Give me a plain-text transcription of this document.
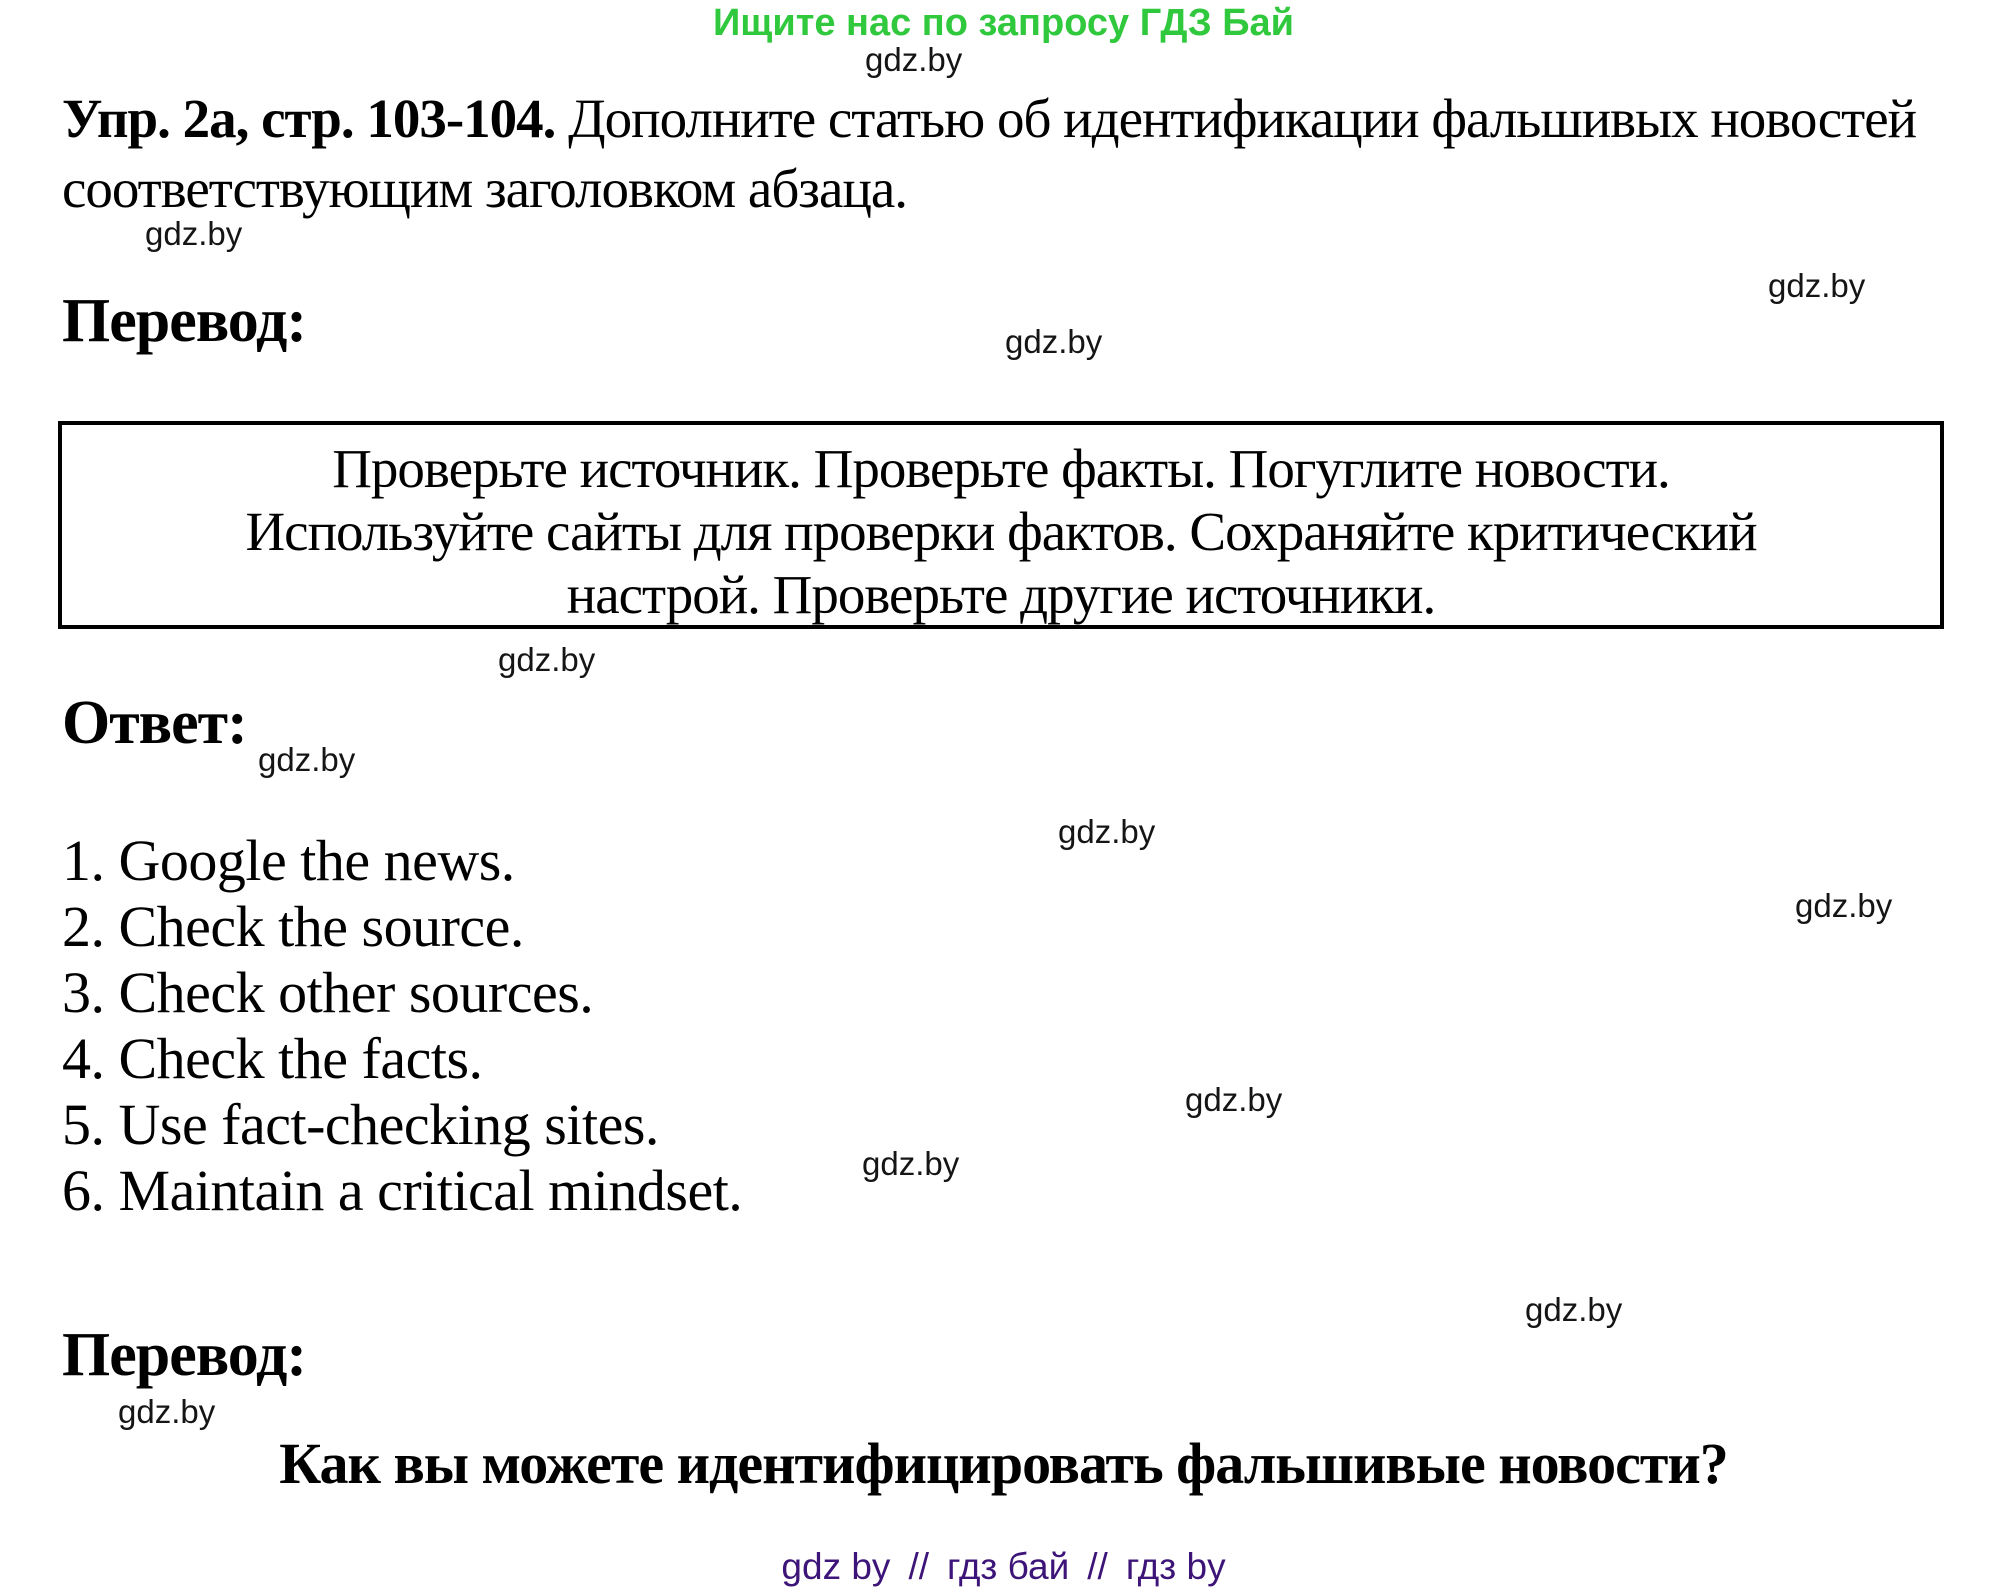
Ищите нас по запросу ГДЗ Бай
gdz.by
gdz.by
gdz.by
gdz.by
gdz.by
gdz.by
gdz.by
gdz.by
gdz.by
gdz.by
gdz.by
gdz.by

Упр. 2а, стр. 103-104. Дополните статью об идентификации фальшивых новостей соответствующим заголовком абзаца.

Перевод:
Проверьте источник. Проверьте факты. Погуглите новости.
Используйте сайты для проверки фактов. Сохраняйте критический
настрой. Проверьте другие источники.
Ответ:
1. Google the news.
2. Check the source.
3. Check other sources.
4. Check the facts.
5. Use fact-checking sites.
6. Maintain a critical mindset.
Перевод:
Как вы можете идентифицировать фальшивые новости?
gdz by // гдз бай // гдз by
